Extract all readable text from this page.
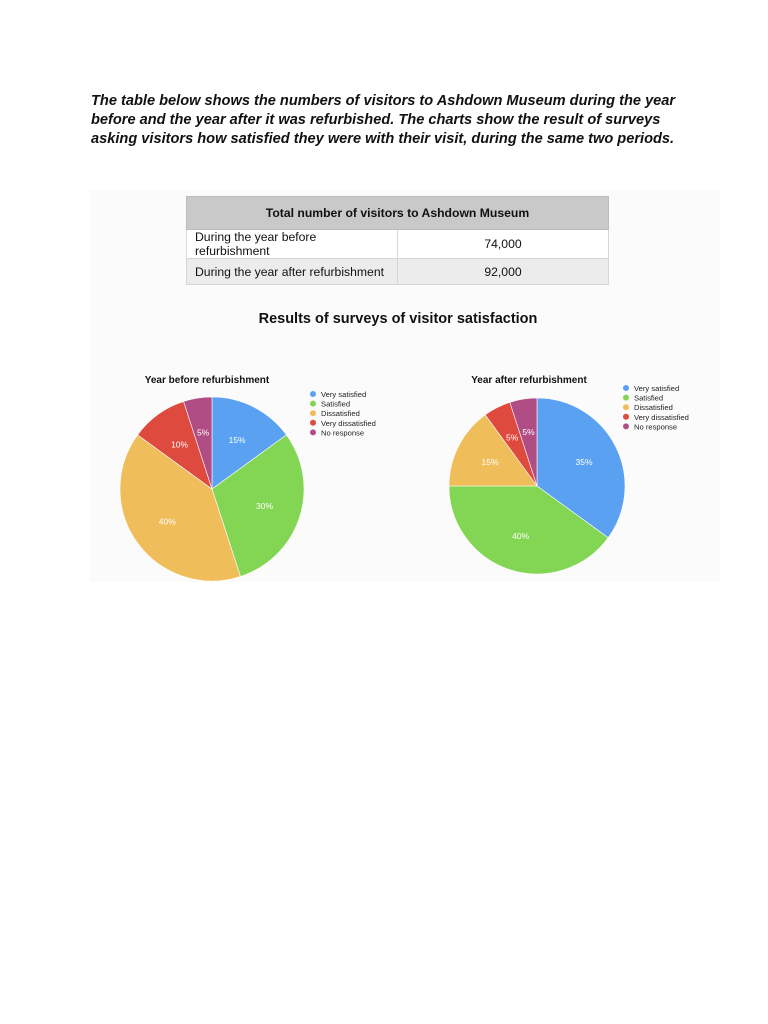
The table below shows the numbers of visitors to Ashdown Museum during the year before and the year after it was refurbished. The charts show the result of surveys asking visitors how satisfied they were with their visit, during the same two periods.

Total number of visitors to Ashdown Museum	
During the year before refurbishment	74,000
During the year after refurbishment	92,000

Results of surveys of visitor satisfaction

Year before refurbishment
15%
30%
40%
10%
5%
Very satisfied
Satisfied
Dissatisfied
Very dissatisfied
No response
Year after refurbishment
35%
40%
15%
5%
5%
Very satisfied
Satisfied
Dissatisfied
Very dissatisfied
No response
